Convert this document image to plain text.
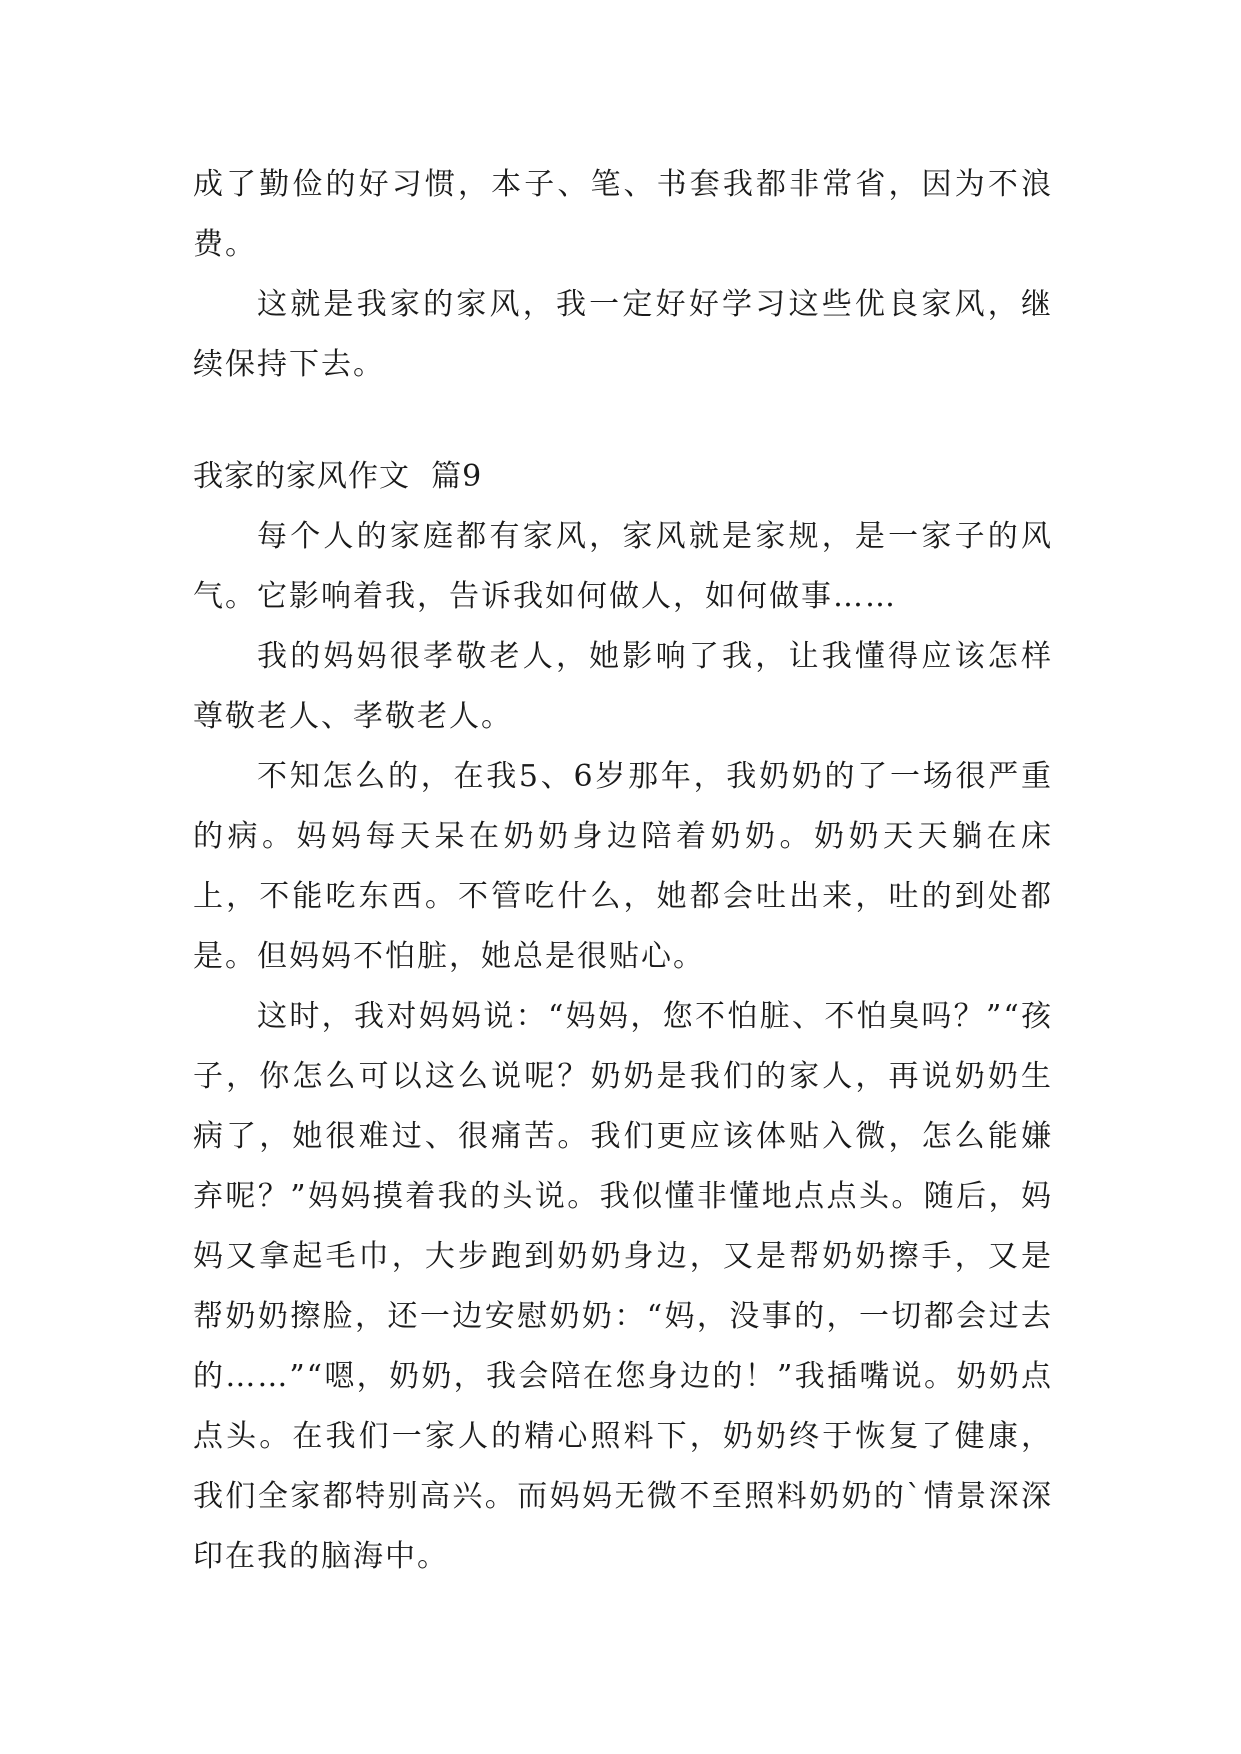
成了勤俭的好习惯，本子、笔、书套我都非常省，因为不浪费。

这就是我家的家风，我一定好好学习这些优良家风，继续保持下去。

我家的家风作文  篇9

每个人的家庭都有家风，家风就是家规，是一家子的风气。它影响着我，告诉我如何做人，如何做事……

我的妈妈很孝敬老人，她影响了我，让我懂得应该怎样尊敬老人、孝敬老人。

不知怎么的，在我5、6岁那年，我奶奶的了一场很严重的病。妈妈每天呆在奶奶身边陪着奶奶。奶奶天天躺在床上，不能吃东西。不管吃什么，她都会吐出来，吐的到处都是。但妈妈不怕脏，她总是很贴心。

这时，我对妈妈说：“妈妈，您不怕脏、不怕臭吗？”“孩子，你怎么可以这么说呢？奶奶是我们的家人，再说奶奶生病了，她很难过、很痛苦。我们更应该体贴入微，怎么能嫌弃呢？”妈妈摸着我的头说。我似懂非懂地点点头。随后，妈妈又拿起毛巾，大步跑到奶奶身边，又是帮奶奶擦手，又是帮奶奶擦脸，还一边安慰奶奶：“妈，没事的，一切都会过去的……”“嗯，奶奶，我会陪在您身边的！”我插嘴说。奶奶点点头。在我们一家人的精心照料下，奶奶终于恢复了健康，我们全家都特别高兴。而妈妈无微不至照料奶奶的`情景深深印在我的脑海中。
